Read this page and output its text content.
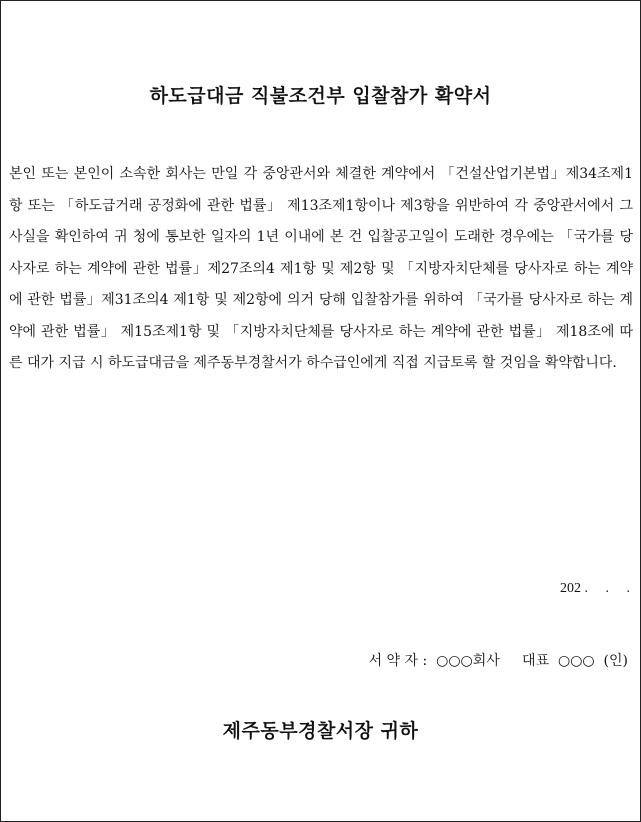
하도급대금 직불조건부 입찰참가 확약서
본인 또는 본인이 소속한 회사는 만일 각 중앙관서와 체결한 계약에서 「건설산업기본법」제34조제1항 또는 「하도급거래 공정화에 관한 법률」 제13조제1항이나 제3항을 위반하여 각 중앙관서에서 그 사실을 확인하여 귀 청에 통보한 일자의 1년 이내에 본 건 입찰공고일이 도래한 경우에는 「국가를 당사자로 하는 계약에 관한 법률」제27조의4 제1항 및 제2항 및 「지방자치단체를 당사자로 하는 계약에 관한 법률」제31조의4 제1항 및 제2항에 의거 당해 입찰참가를 위하여 「국가를 당사자로 하는 계약에 관한 법률」 제15조제1항 및 「지방자치단체를 당사자로 하는 계약에 관한 법률」 제18조에 따른 대가 지급 시 하도급대금을 제주동부경찰서가 하수급인에게 직접 지급토록 할 것임을 확약합니다.
202 .     .     .
서 약 자 :  ○○○회사     대표  ○○○  (인)
제주동부경찰서장 귀하
